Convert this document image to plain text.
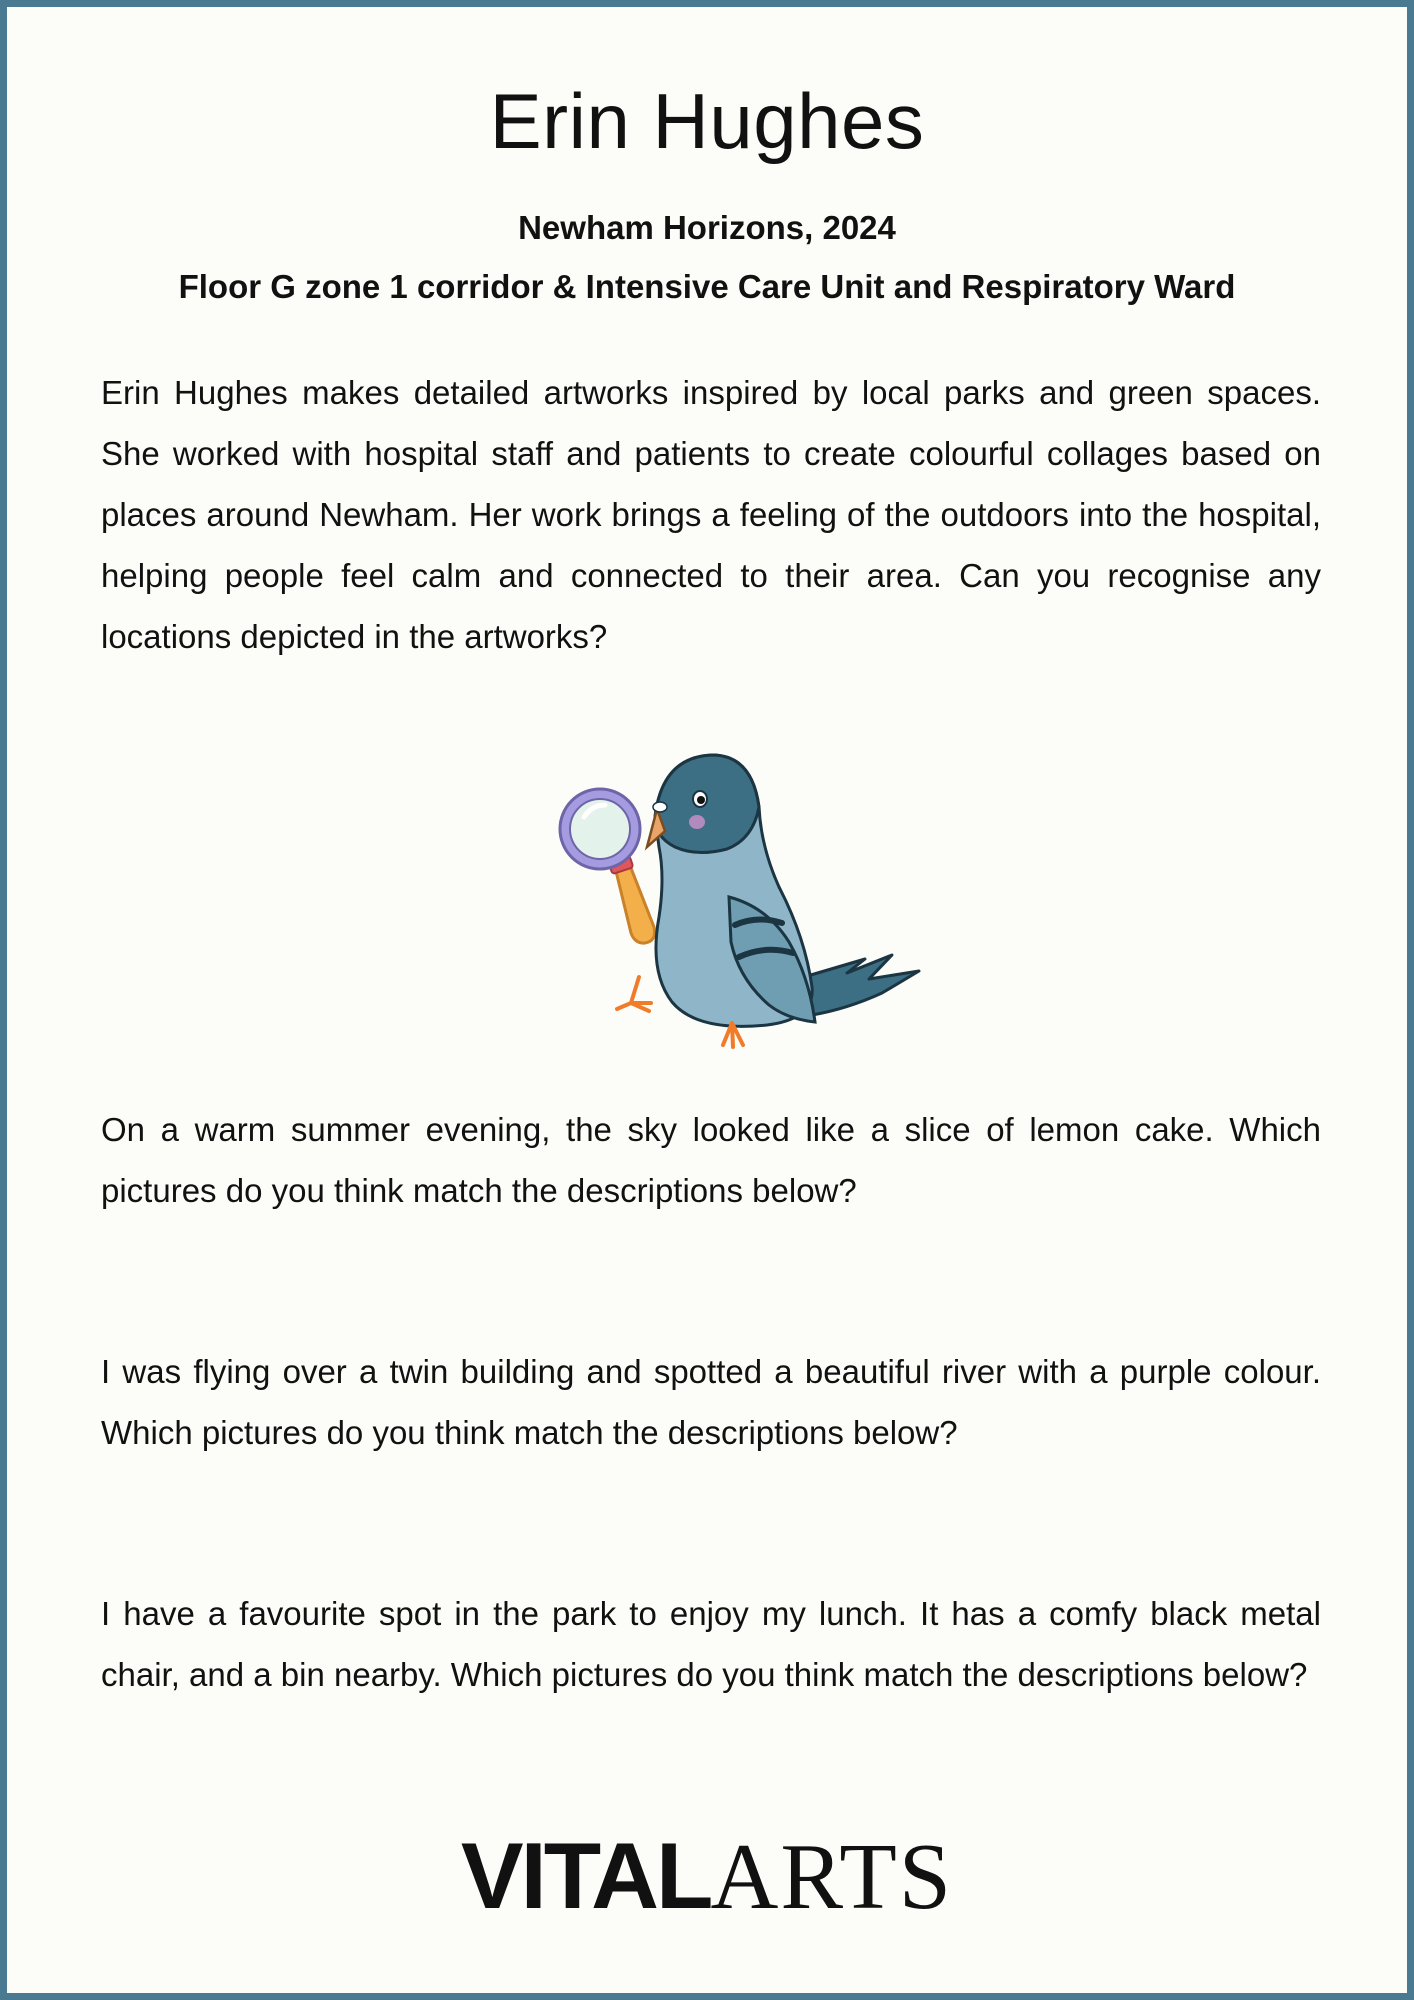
Erin Hughes

Newham Horizons, 2024

Floor G zone 1 corridor & Intensive Care Unit and Respiratory Ward

Erin Hughes makes detailed artworks inspired by local parks and green spaces. She worked with hospital staff and patients to create colourful collages based on places around Newham. Her work brings a feeling of the outdoors into the hospital, helping people feel calm and connected to their area. Can you recognise any locations depicted in the artworks?

On a warm summer evening, the sky looked like a slice of lemon cake. Which pictures do you think match the descriptions below?

I was flying over a twin building and spotted a beautiful river with a purple colour. Which pictures do you think match the descriptions below?

I have a favourite spot in the park to enjoy my lunch. It has a comfy black metal chair, and a bin nearby. Which pictures do you think match the descriptions below?

VITALARTS
